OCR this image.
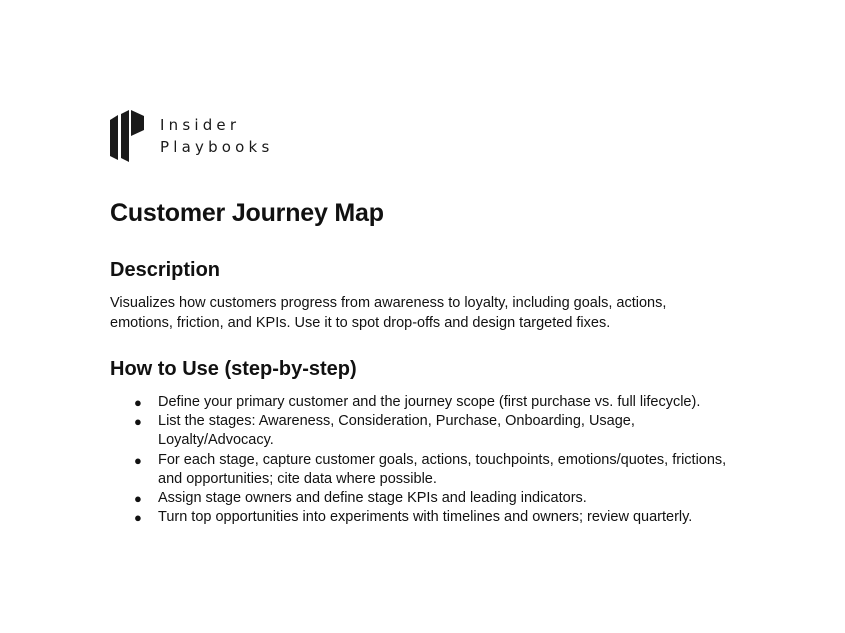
Insider
Playbooks
Customer Journey Map
Description

Visualizes how customers progress from awareness to loyalty, including goals, actions, emotions, friction, and KPIs. Use it to spot drop-offs and design targeted fixes.

How to Use (step-by-step)
● Define your primary customer and the journey scope (first purchase vs. full lifecycle).
● List the stages: Awareness, Consideration, Purchase, Onboarding, Usage, Loyalty/Advocacy.
● For each stage, capture customer goals, actions, touchpoints, emotions/quotes, frictions, and opportunities; cite data where possible.
● Assign stage owners and define stage KPIs and leading indicators.
● Turn top opportunities into experiments with timelines and owners; review quarterly.
